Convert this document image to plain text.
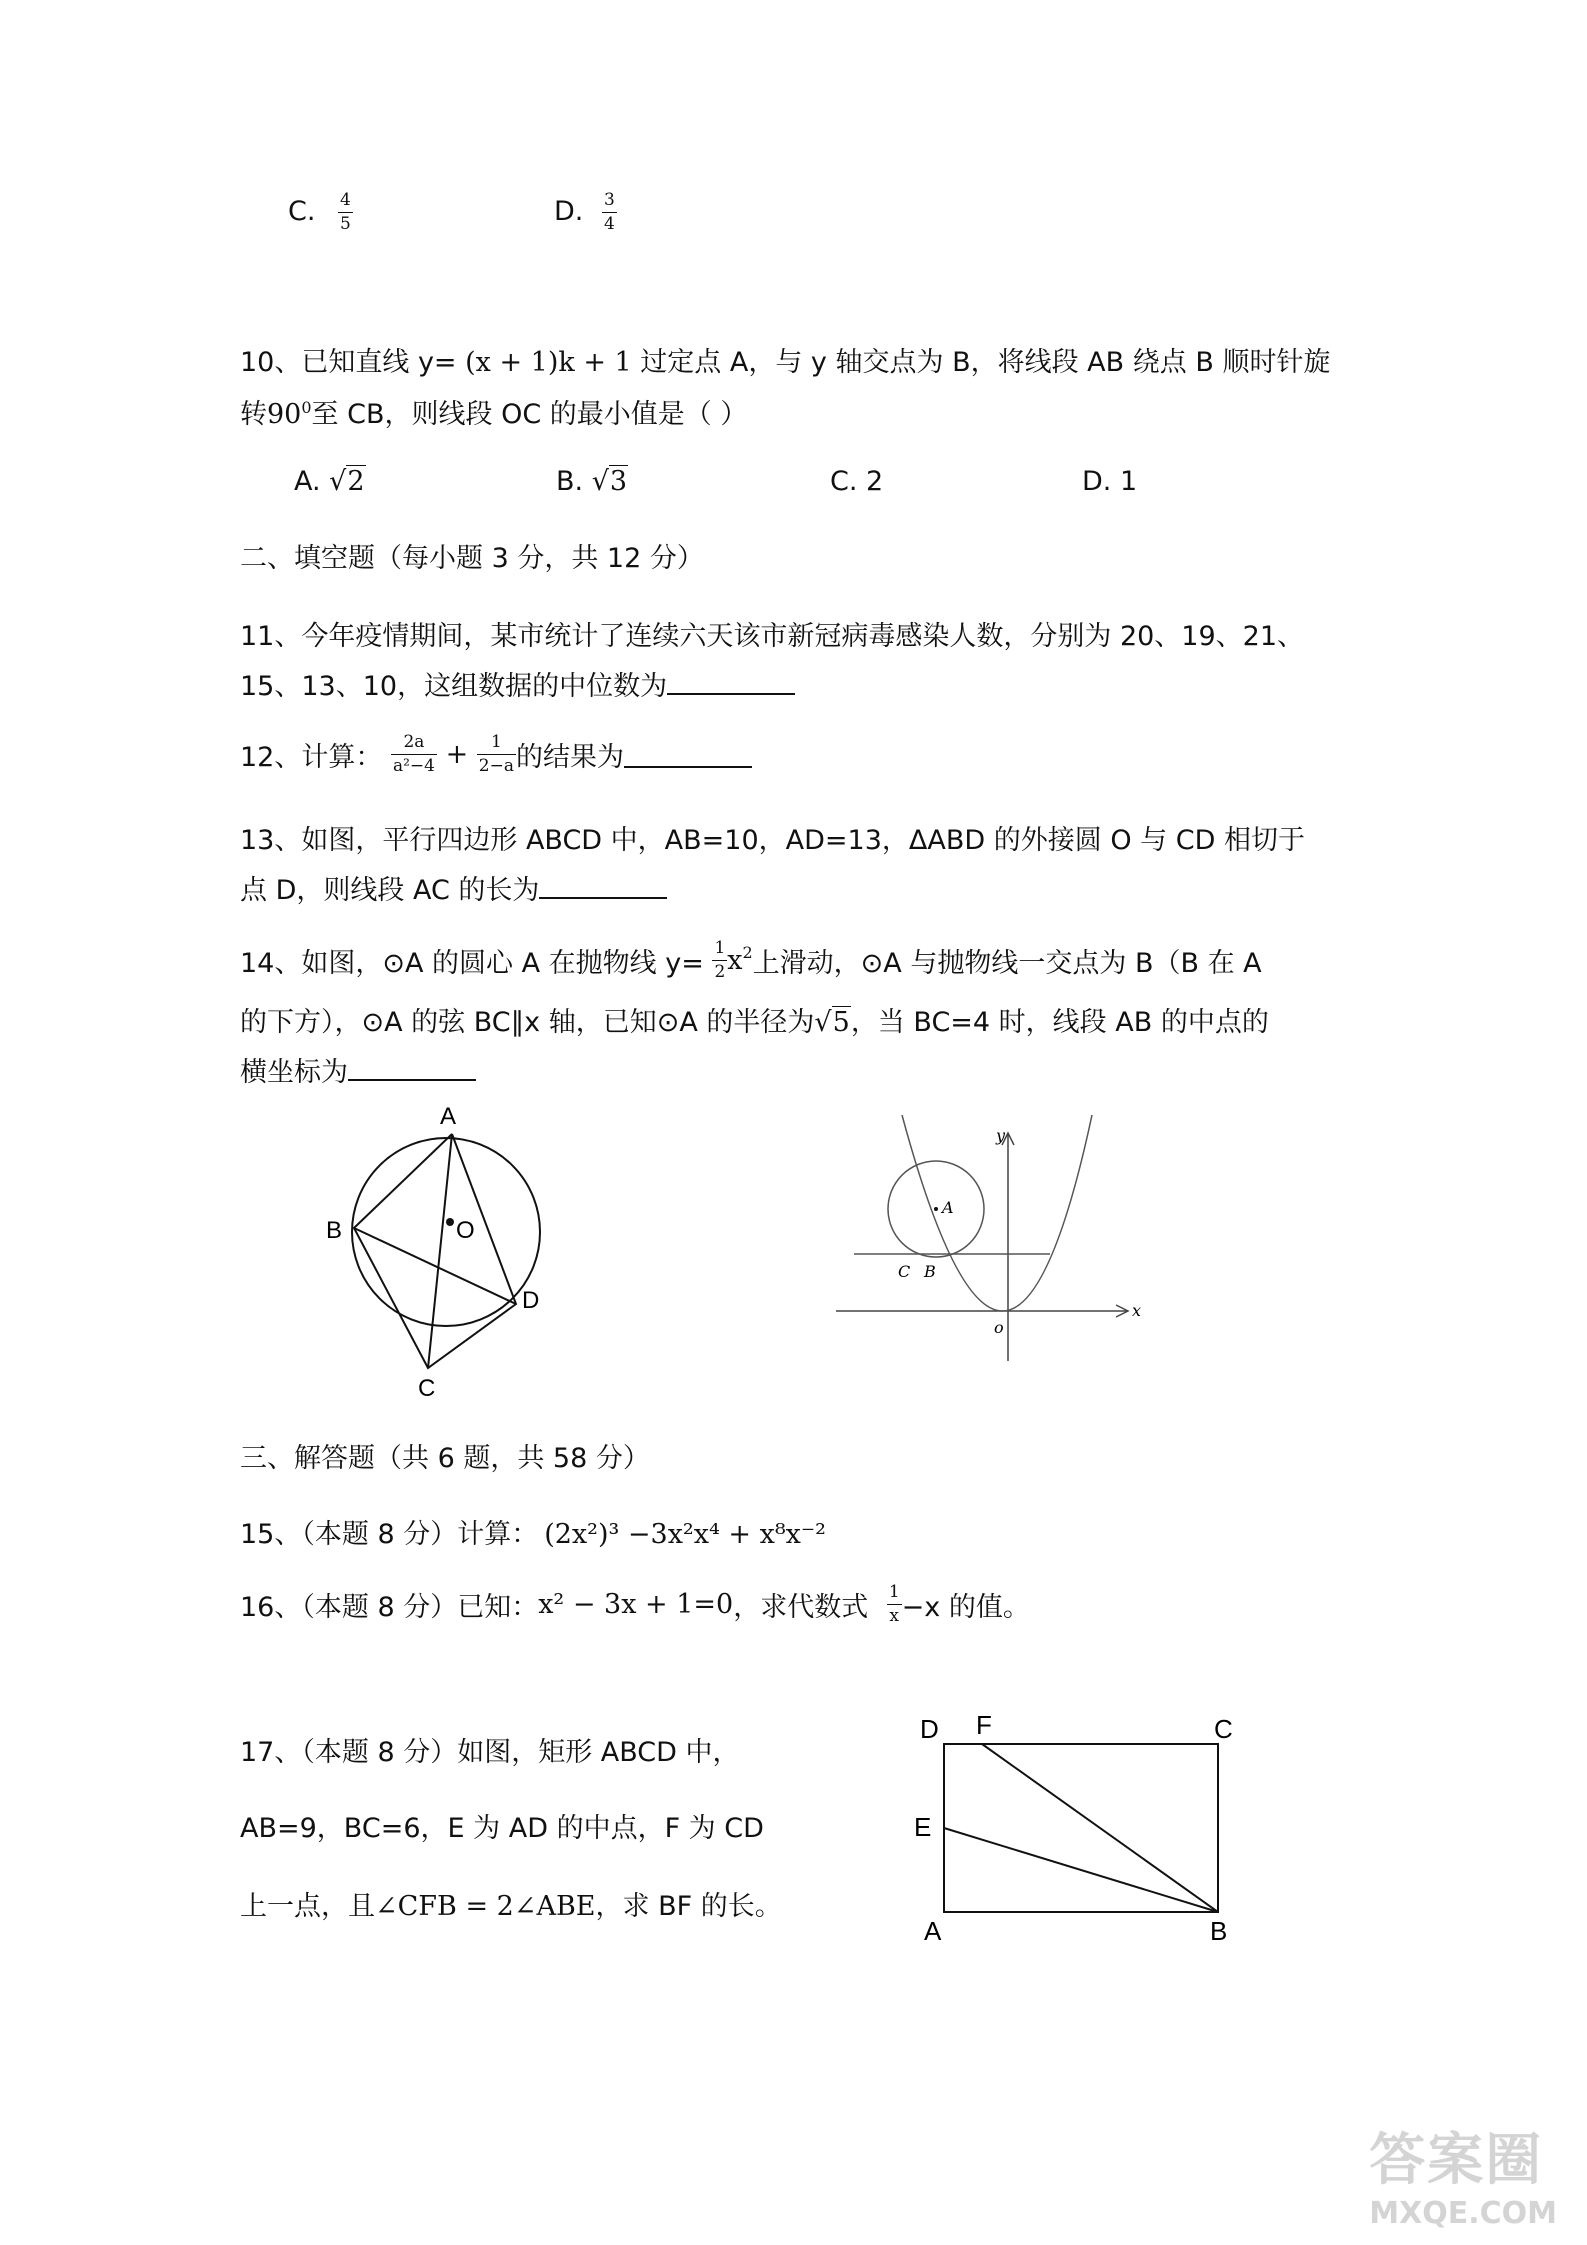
C. $\frac{4}{5}$	D. $\frac{3}{4}$
10、已知直线 y= (x + 1)k + 1 过定点 A，与 y 轴交点为 B，将线段 AB 绕点 B 顺时针旋
转$90^0$至 CB，则线段 OC 的最小值是（ ）
A. √2	B. √3	C. 2	D. 1
二、填空题（每小题 3 分，共 12 分）
11、今年疫情期间，某市统计了连续六天该市新冠病毒感染人数，分别为 20、19、21、
15、13、10，这组数据的中位数为
12、计算： $\frac{2a}{\text{a²−4}} + \frac{1}{2-a}$ 的结果为
13、如图，平行四边形 ABCD 中，AB=10，AD=13，ΔABD 的外接圆 O 与 CD 相切于
点 D，则线段 AC 的长为
14、如图，⊙A 的圆心 A 在抛物线 $y= \frac{1}{2} x^2$上滑动，⊙A 与抛物线一交点为 B（B 在 A
的下方），⊙A 的弦 BC∥x 轴，已知⊙A 的半径为√5，当 BC=4 时，线段 AB 的中点的
横坐标为
A
B
C
D
O
y
x
A
C B
o
三、解答题（共 6 题，共 58 分）
15、（本题 8 分）计算： (2x²)³ −3x²x⁴ + x⁸x⁻²
16、（本题 8 分）已知：x² − 3x + 1=0，求代数式 $\frac{1}{x} -x$ 的值。
17、（本题 8 分）如图，矩形 ABCD 中，
AB=9，BC=6，E 为 AD 的中点，F 为 CD
上一点，且∠CFB = 2∠ABE，求 BF 的长。
D F	C
E
A	B
答案圈
MXQE.COM
